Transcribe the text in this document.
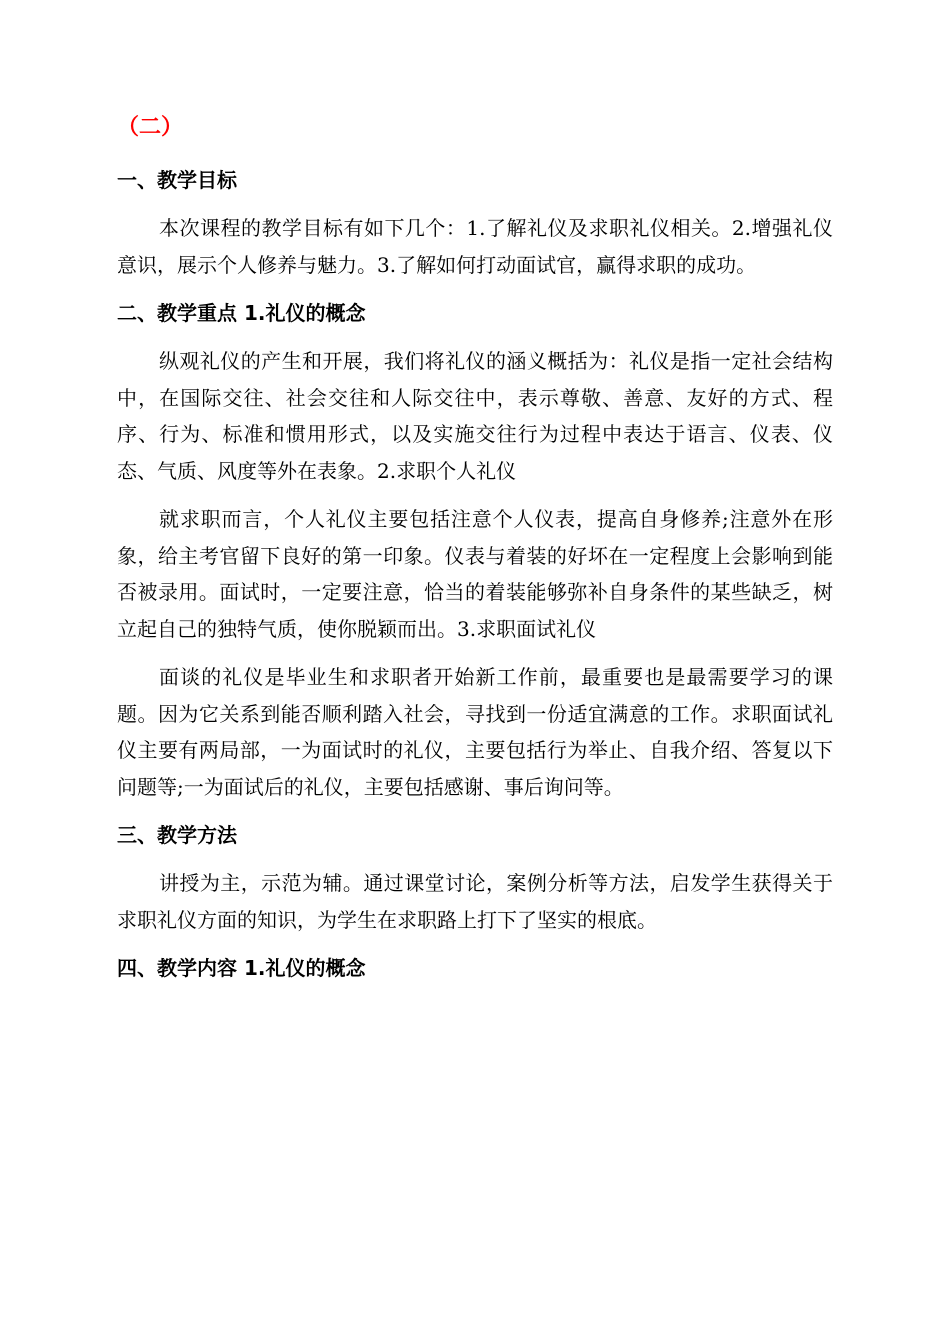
（二）
一、教学目标

本次课程的教学目标有如下几个：1.了解礼仪及求职礼仪相关。2.增强礼仪意识，展示个人修养与魅力。3.了解如何打动面试官，赢得求职的成功。

二、教学重点 1.礼仪的概念

纵观礼仪的产生和开展，我们将礼仪的涵义概括为：礼仪是指一定社会结构中，在国际交往、社会交往和人际交往中，表示尊敬、善意、友好的方式、程序、行为、标准和惯用形式，以及实施交往行为过程中表达于语言、仪表、仪态、气质、风度等外在表象。2.求职个人礼仪

就求职而言，个人礼仪主要包括注意个人仪表，提高自身修养;注意外在形象，给主考官留下良好的第一印象。仪表与着装的好坏在一定程度上会影响到能否被录用。面试时，一定要注意，恰当的着装能够弥补自身条件的某些缺乏，树立起自己的独特气质，使你脱颖而出。3.求职面试礼仪

面谈的礼仪是毕业生和求职者开始新工作前，最重要也是最需要学习的课题。因为它关系到能否顺利踏入社会，寻找到一份适宜满意的工作。求职面试礼仪主要有两局部，一为面试时的礼仪，主要包括行为举止、自我介绍、答复以下问题等;一为面试后的礼仪，主要包括感谢、事后询问等。

三、教学方法

讲授为主，示范为辅。通过课堂讨论，案例分析等方法，启发学生获得关于求职礼仪方面的知识，为学生在求职路上打下了坚实的根底。

四、教学内容 1.礼仪的概念
